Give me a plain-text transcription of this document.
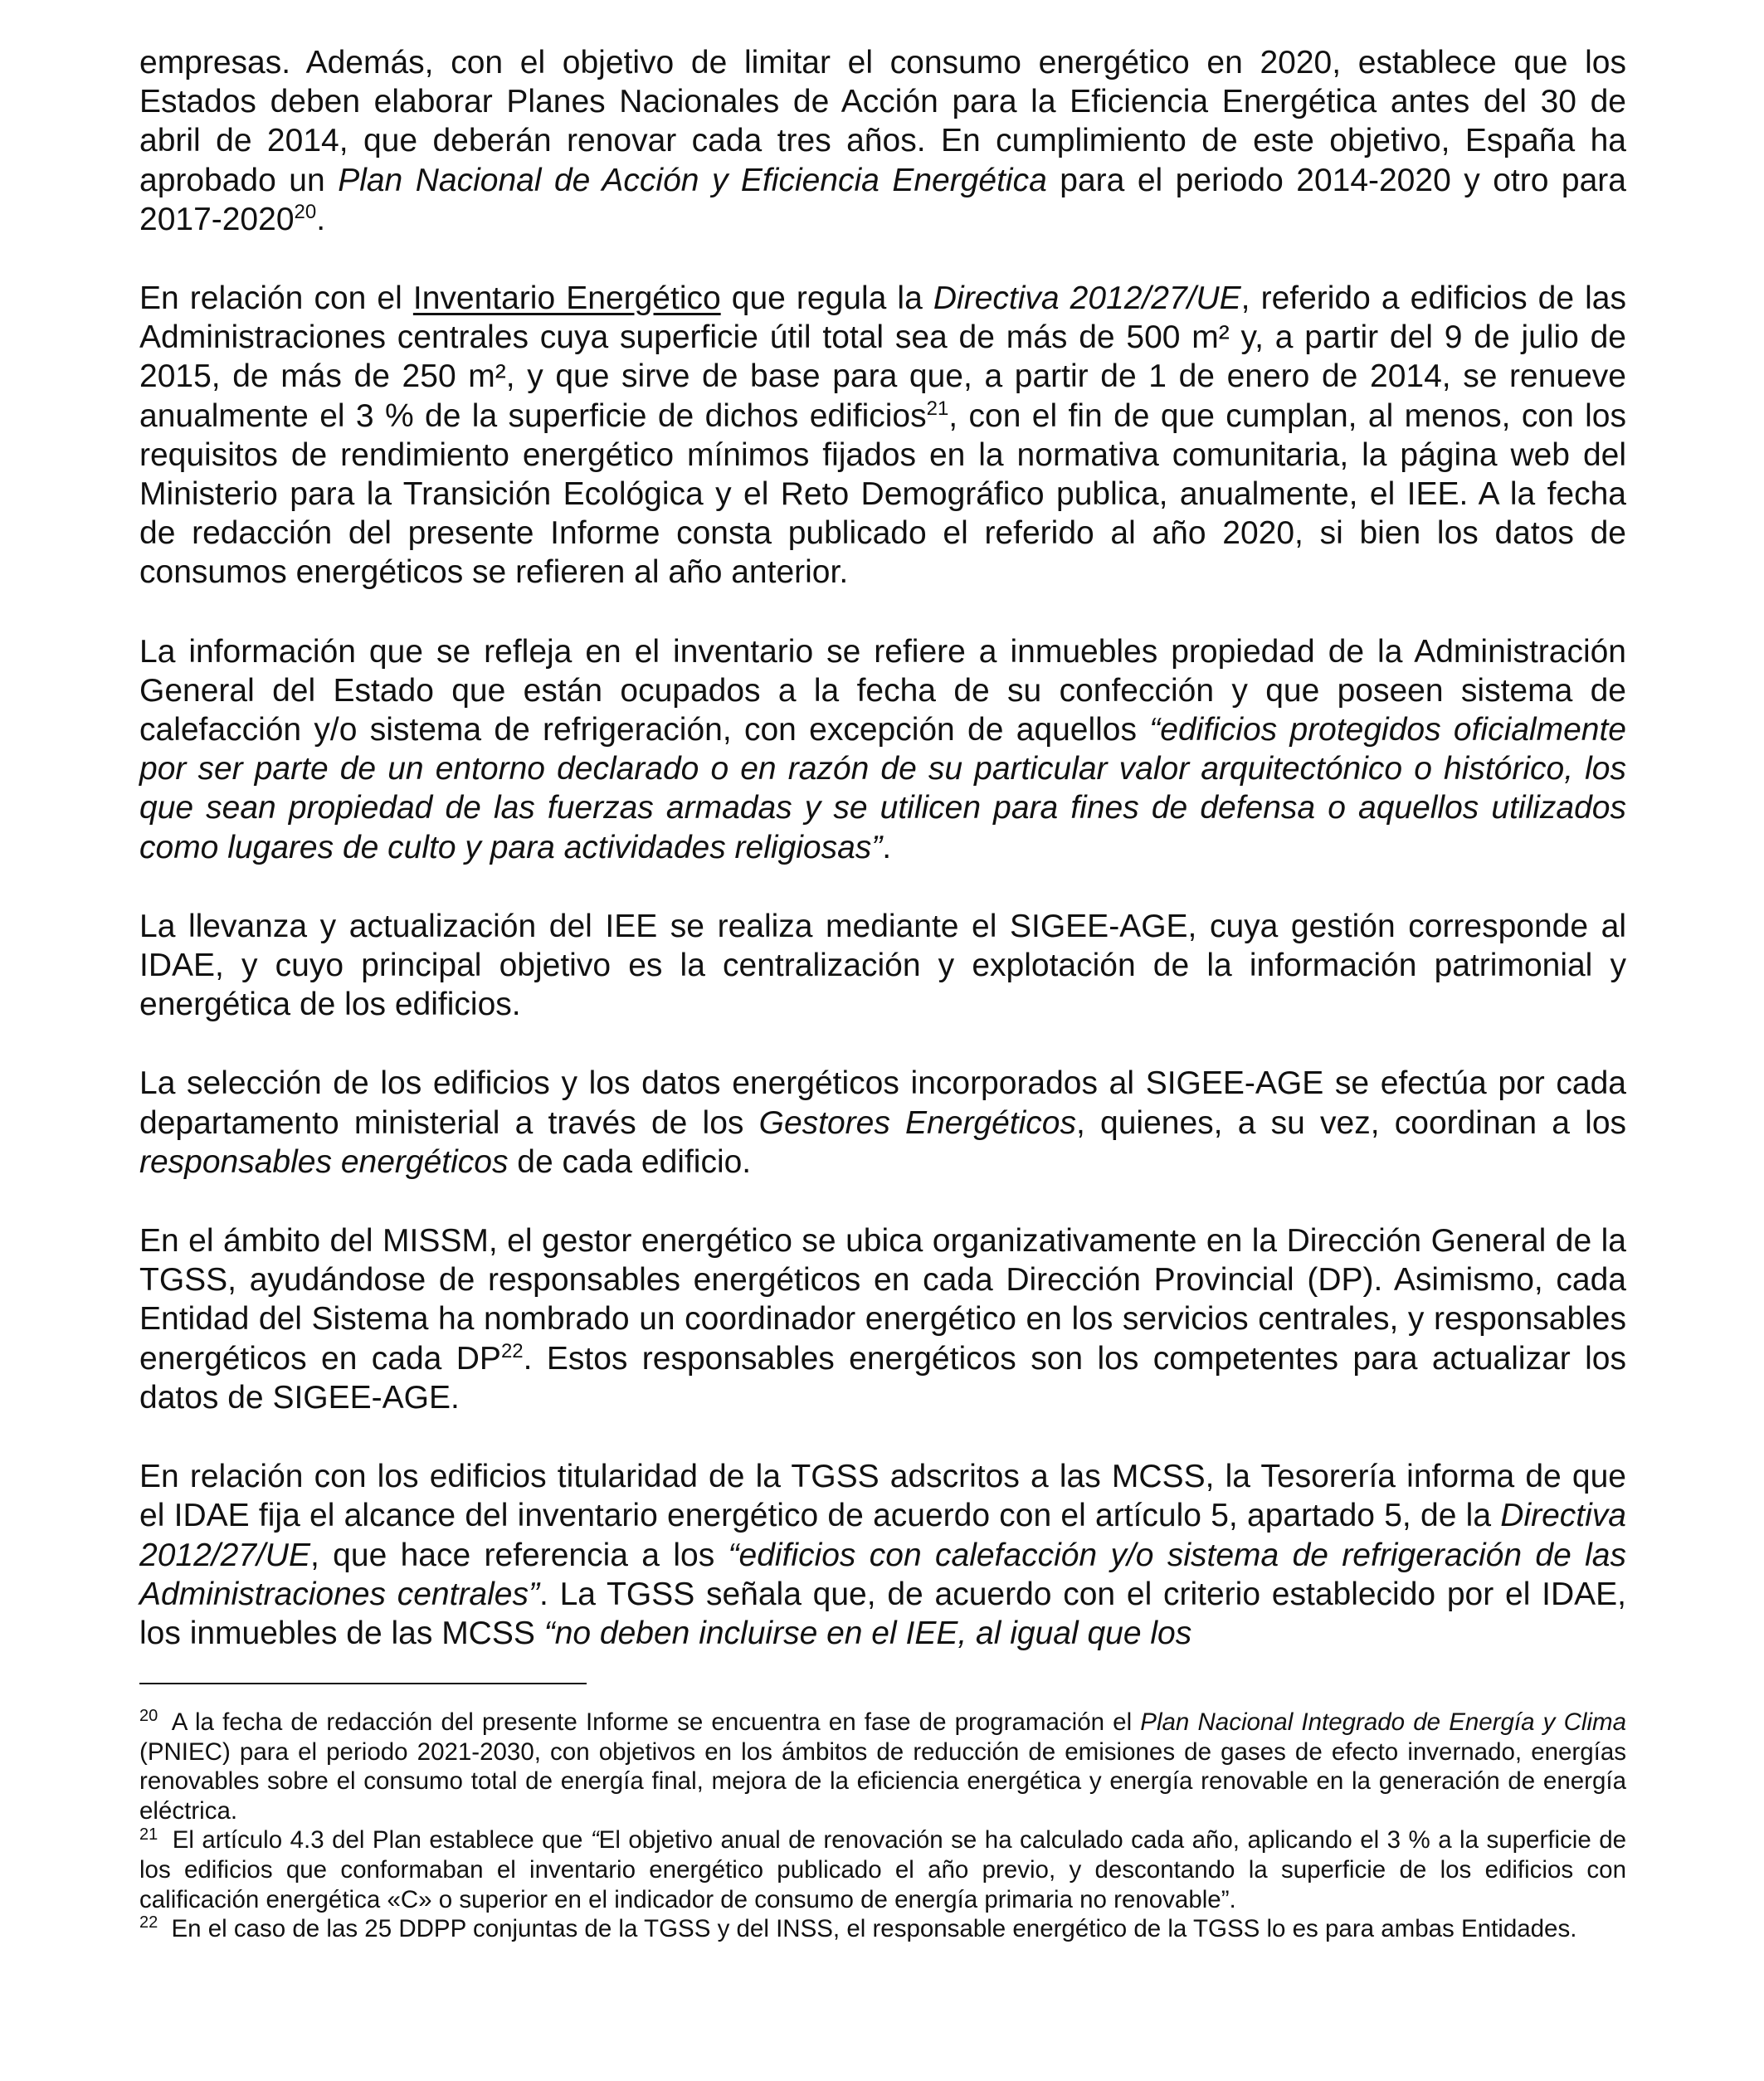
empresas. Además, con el objetivo de limitar el consumo energético en 2020, establece que los Estados deben elaborar Planes Nacionales de Acción para la Eficiencia Energética antes del 30 de abril de 2014, que deberán renovar cada tres años. En cumplimiento de este objetivo, España ha aprobado un Plan Nacional de Acción y Eficiencia Energética para el periodo 2014-2020 y otro para 2017-2020$^{20}$.

En relación con el Inventario Energético que regula la Directiva 2012/27/UE, referido a edificios de las Administraciones centrales cuya superficie útil total sea de más de 500 m² y, a partir del 9 de julio de 2015, de más de 250 m², y que sirve de base para que, a partir de 1 de enero de 2014, se renueve anualmente el 3 % de la superficie de dichos edificios$^{21}$, con el fin de que cumplan, al menos, con los requisitos de rendimiento energético mínimos fijados en la normativa comunitaria, la página web del Ministerio para la Transición Ecológica y el Reto Demográfico publica, anualmente, el IEE. A la fecha de redacción del presente Informe consta publicado el referido al año 2020, si bien los datos de consumos energéticos se refieren al año anterior.

La información que se refleja en el inventario se refiere a inmuebles propiedad de la Administración General del Estado que están ocupados a la fecha de su confección y que poseen sistema de calefacción y/o sistema de refrigeración, con excepción de aquellos “edificios protegidos oficialmente por ser parte de un entorno declarado o en razón de su particular valor arquitectónico o histórico, los que sean propiedad de las fuerzas armadas y se utilicen para fines de defensa o aquellos utilizados como lugares de culto y para actividades religiosas”.

La llevanza y actualización del IEE se realiza mediante el SIGEE-AGE, cuya gestión corresponde al IDAE, y cuyo principal objetivo es la centralización y explotación de la información patrimonial y energética de los edificios.

La selección de los edificios y los datos energéticos incorporados al SIGEE-AGE se efectúa por cada departamento ministerial a través de los Gestores Energéticos, quienes, a su vez, coordinan a los responsables energéticos de cada edificio.

En el ámbito del MISSM, el gestor energético se ubica organizativamente en la Dirección General de la TGSS, ayudándose de responsables energéticos en cada Dirección Provincial (DP). Asimismo, cada Entidad del Sistema ha nombrado un coordinador energético en los servicios centrales, y responsables energéticos en cada DP$^{22}$. Estos responsables energéticos son los competentes para actualizar los datos de SIGEE-AGE.

En relación con los edificios titularidad de la TGSS adscritos a las MCSS, la Tesorería informa de que el IDAE fija el alcance del inventario energético de acuerdo con el artículo 5, apartado 5, de la Directiva 2012/27/UE, que hace referencia a los “edificios con calefacción y/o sistema de refrigeración de las Administraciones centrales”. La TGSS señala que, de acuerdo con el criterio establecido por el IDAE, los inmuebles de las MCSS “no deben incluirse en el IEE, al igual que los

$^{20}$ A la fecha de redacción del presente Informe se encuentra en fase de programación el Plan Nacional Integrado de Energía y Clima (PNIEC) para el periodo 2021-2030, con objetivos en los ámbitos de reducción de emisiones de gases de efecto invernado, energías renovables sobre el consumo total de energía final, mejora de la eficiencia energética y energía renovable en la generación de energía eléctrica.

$^{21}$ El artículo 4.3 del Plan establece que “El objetivo anual de renovación se ha calculado cada año, aplicando el 3 % a la superficie de los edificios que conformaban el inventario energético publicado el año previo, y descontando la superficie de los edificios con calificación energética «C» o superior en el indicador de consumo de energía primaria no renovable”.

$^{22}$ En el caso de las 25 DDPP conjuntas de la TGSS y del INSS, el responsable energético de la TGSS lo es para ambas Entidades.
